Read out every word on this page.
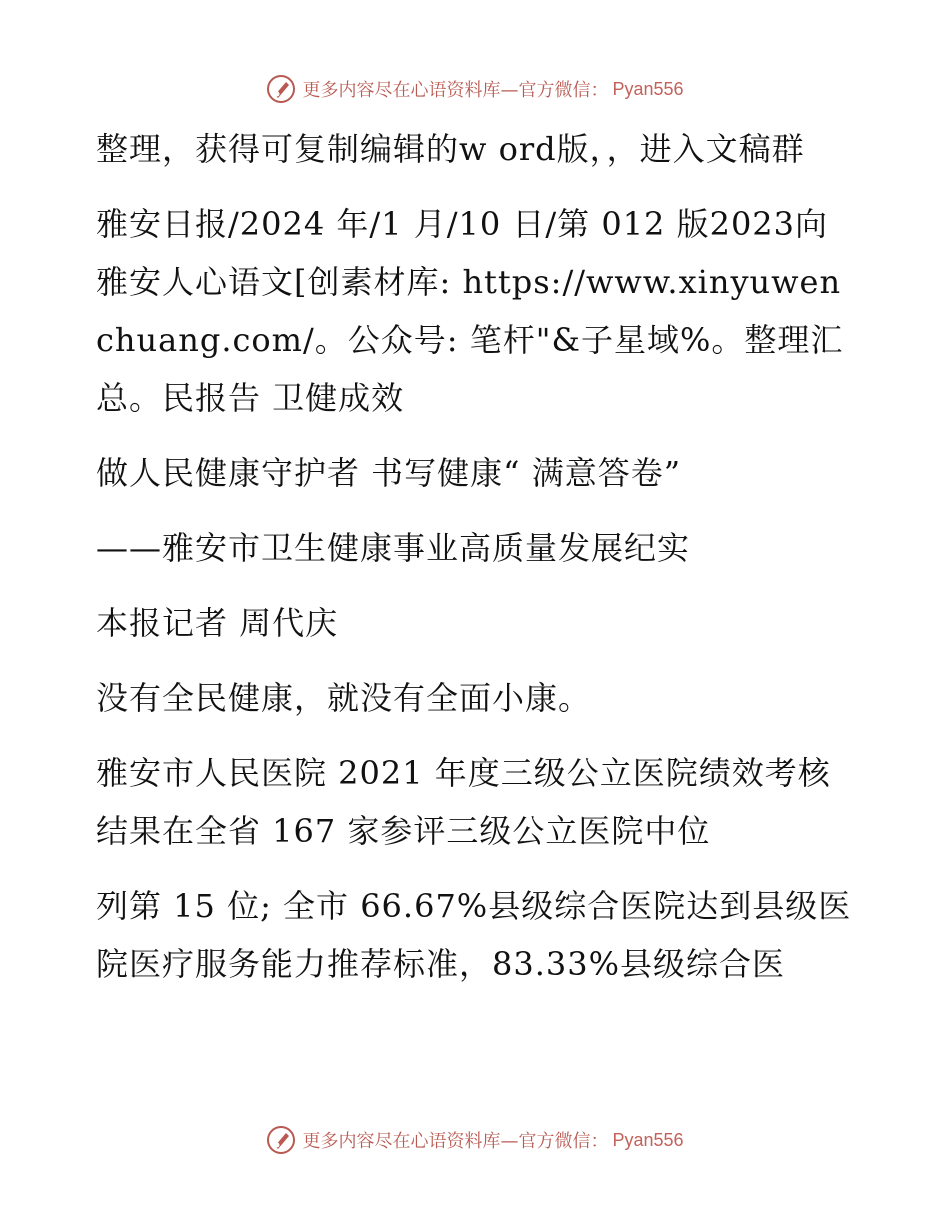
更多内容尽在心语资料库—官方微信： Pyan556

整理，获得可复制编辑的w ord版，，进入文稿群

雅安日报/2024 年/1 月/10 日/第 012 版2023向雅安人心语文[创素材库: https://www.xinyuwenchuang.com/。公众号: 笔杆"&子星域%。整理汇总。民报告 卫健成效

做人民健康守护者 书写健康“ 满意答卷”

——雅安市卫生健康事业高质量发展纪实

本报记者 周代庆

没有全民健康，就没有全面小康。

雅安市人民医院 2021 年度三级公立医院绩效考核结果在全省 167 家参评三级公立医院中位

列第 15 位; 全市 66.67%县级综合医院达到县级医院医疗服务能力推荐标准，83.33%县级综合医

更多内容尽在心语资料库—官方微信： Pyan556
